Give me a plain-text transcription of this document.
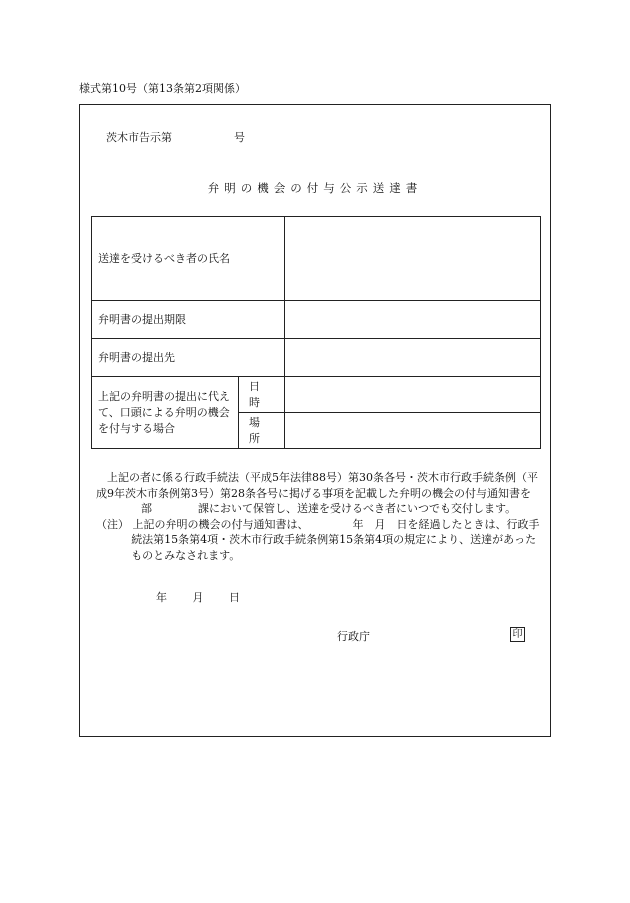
様式第10号（第13条第2項関係）
茨木市告示第	号
弁明の機会の付与公示送達書
送達を受けるべき者の氏名		
弁明書の提出期限		
弁明書の提出先		
上記の弁明書の提出に代えて、口頭による弁明の機会を付与する場合	日 時	
	場 所	

上記の者に係る行政手続法（平成5年法律88号）第30条各号・茨木市行政手続条例（平成9年茨木市条例第3号）第28条各号に掲げる事項を記載した弁明の機会の付与通知書を

部	課において保管し、送達を受けるべき者にいつでも交付します。

（注） 上記の弁明の機会の付与通知書は、	年　月　日を経過したときは、行政手続法第15条第4項・茨木市行政手続条例第15条第4項の規定により、送達があったものとみなされます。

年 月 日
行政庁	印
